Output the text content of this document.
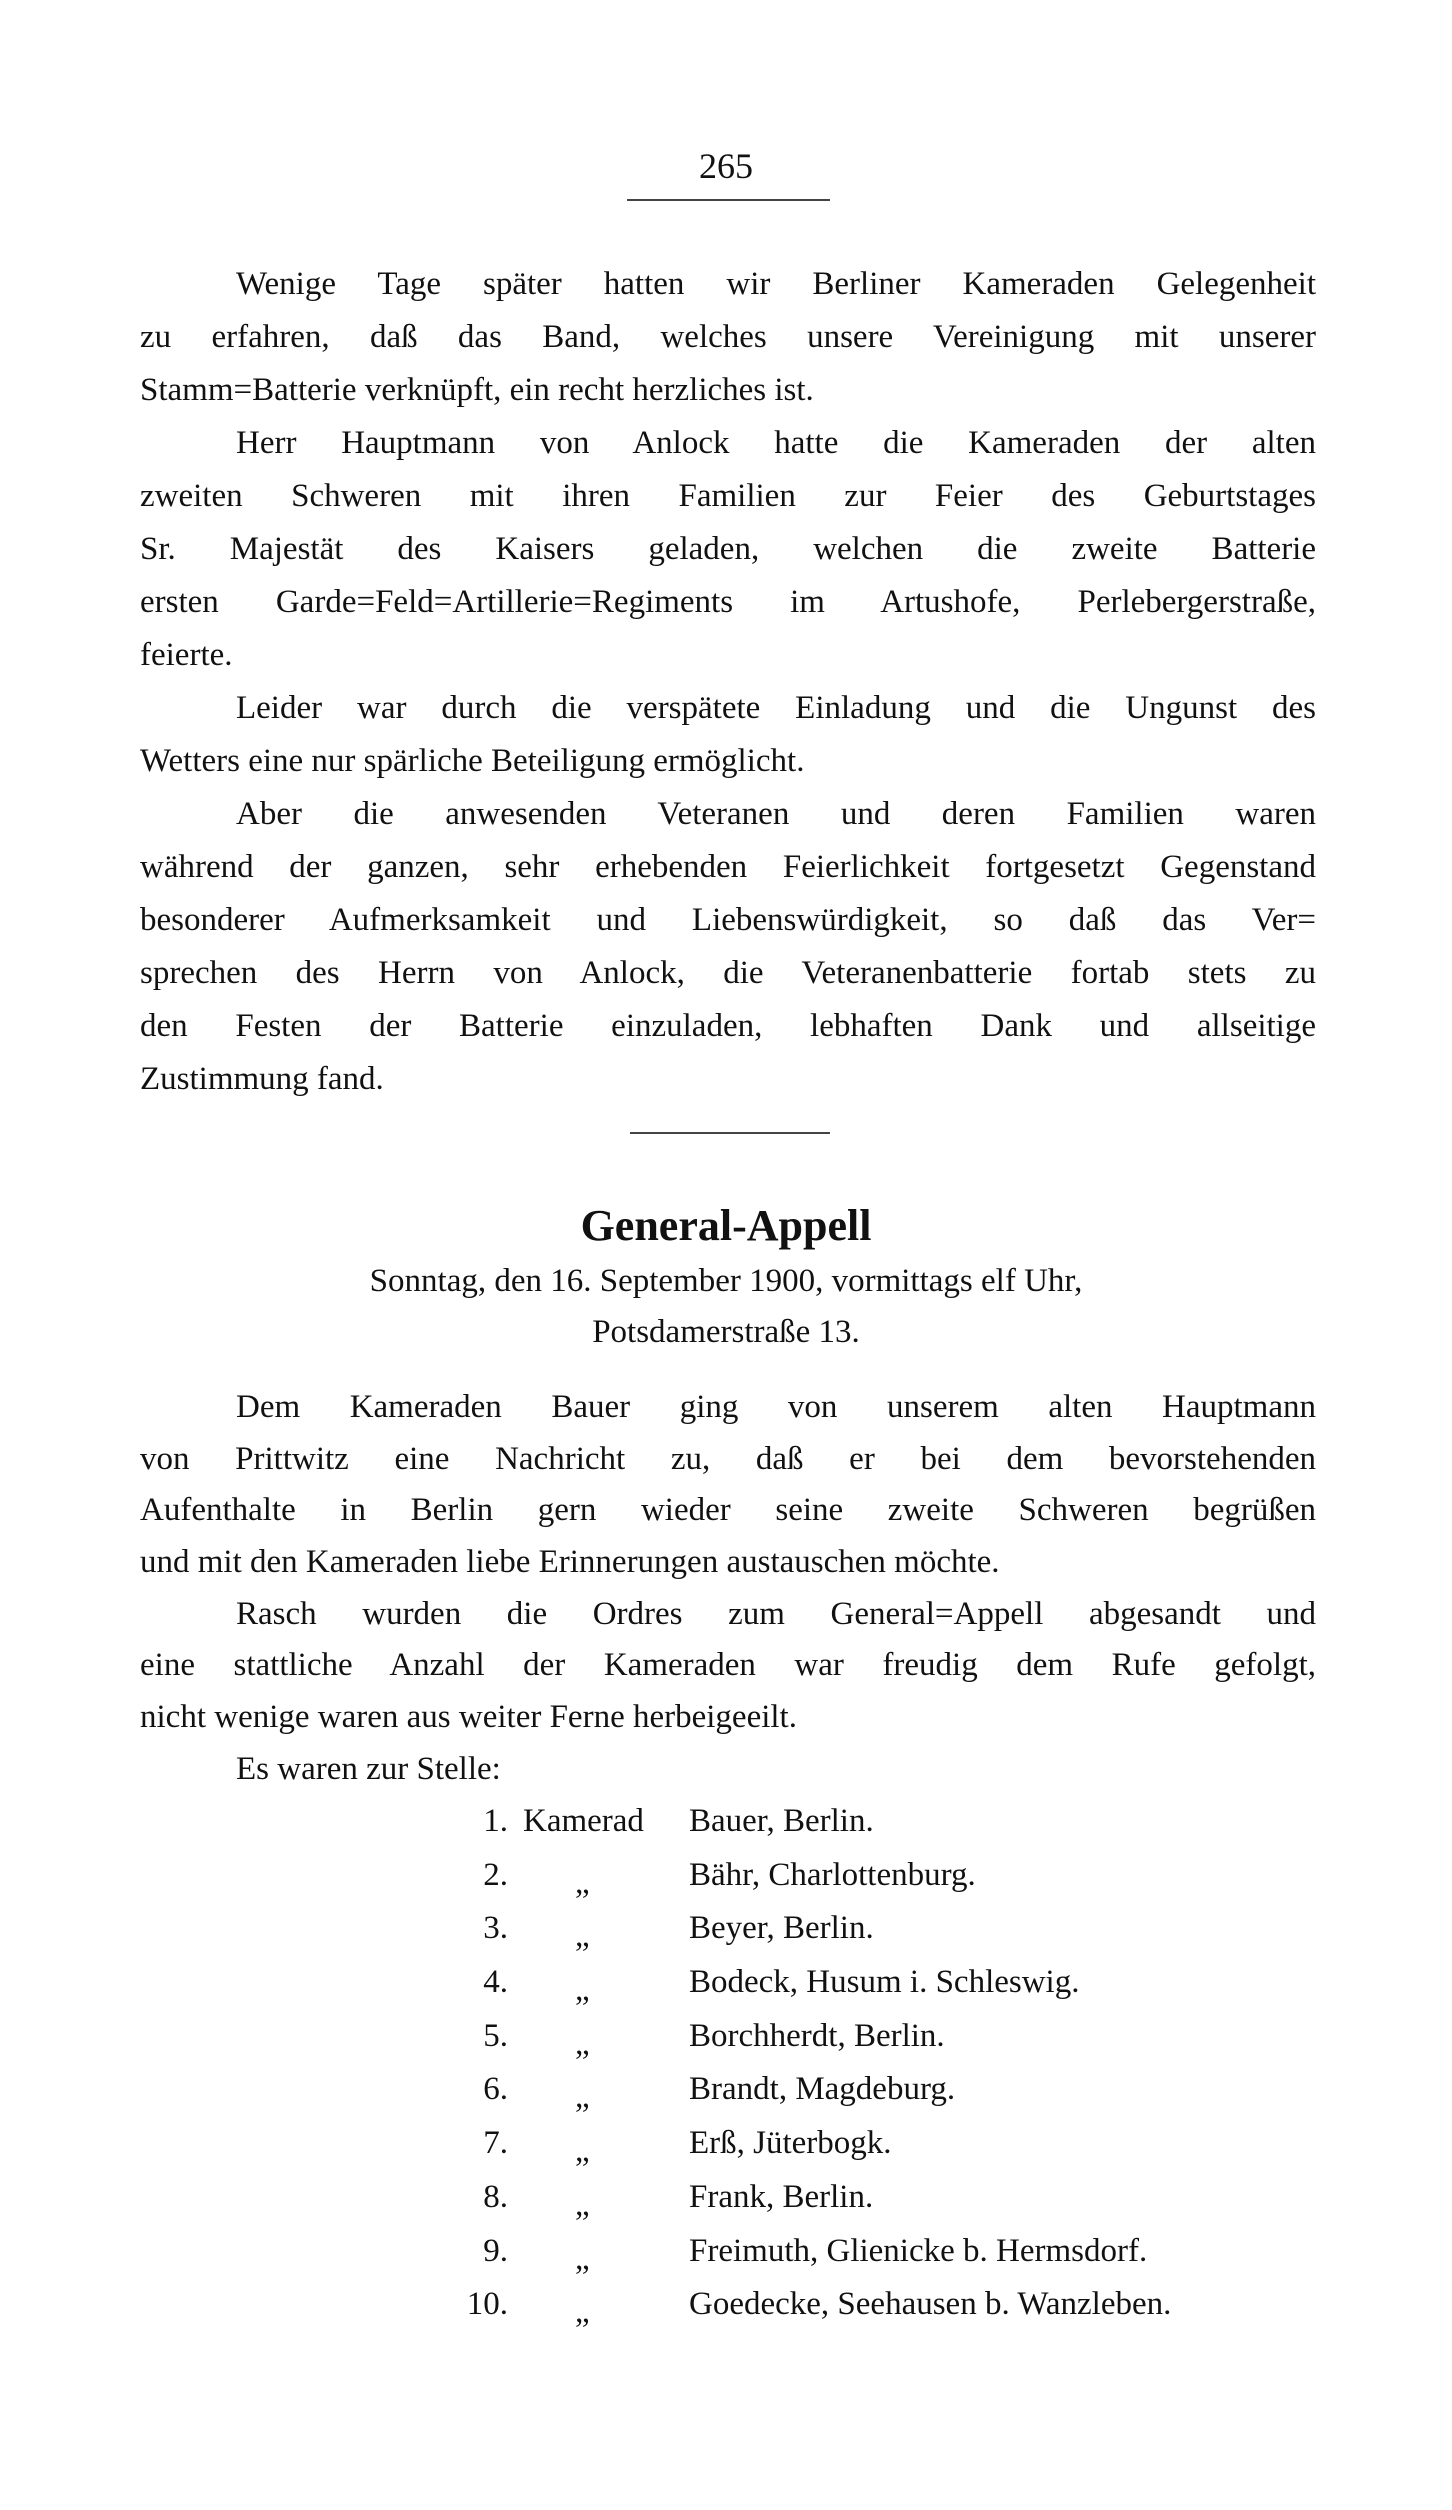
265
Wenige Tage später hatten wir Berliner Kameraden Gelegenheit
zu erfahren, daß das Band, welches unsere Vereinigung mit unserer
Stamm=Batterie verknüpft, ein recht herzliches ist.
Herr Hauptmann von Anlock hatte die Kameraden der alten
zweiten Schweren mit ihren Familien zur Feier des Geburtstages
Sr. Majestät des Kaisers geladen, welchen die zweite Batterie
ersten Garde=Feld=Artillerie=Regiments im Artushofe, Perlebergerstraße,
feierte.
Leider war durch die verspätete Einladung und die Ungunst des
Wetters eine nur spärliche Beteiligung ermöglicht.
Aber die anwesenden Veteranen und deren Familien waren
während der ganzen, sehr erhebenden Feierlichkeit fortgesetzt Gegenstand
besonderer Aufmerksamkeit und Liebenswürdigkeit, so daß das Ver=
sprechen des Herrn von Anlock, die Veteranenbatterie fortab stets zu
den Festen der Batterie einzuladen, lebhaften Dank und allseitige
Zustimmung fand.
General-Appell
Sonntag, den 16. September 1900, vormittags elf Uhr,
Potsdamerstraße 13.
Dem Kameraden Bauer ging von unserem alten Hauptmann
von Prittwitz eine Nachricht zu, daß er bei dem bevorstehenden
Aufenthalte in Berlin gern wieder seine zweite Schweren begrüßen
und mit den Kameraden liebe Erinnerungen austauschen möchte.
Rasch wurden die Ordres zum General=Appell abgesandt und
eine stattliche Anzahl der Kameraden war freudig dem Rufe gefolgt,
nicht wenige waren aus weiter Ferne herbeigeeilt.
Es waren zur Stelle:
1. Kamerad Bauer, Berlin.
2. „	Bähr, Charlottenburg.
3. „	Beyer, Berlin.
4. „	Bodeck, Husum i. Schleswig.
5. „	Borchherdt, Berlin.
6. „	Brandt, Magdeburg.
7. „	Erß, Jüterbogk.
8. „	Frank, Berlin.
9. „	Freimuth, Glienicke b. Hermsdorf.
10. „	Goedecke, Seehausen b. Wanzleben.
